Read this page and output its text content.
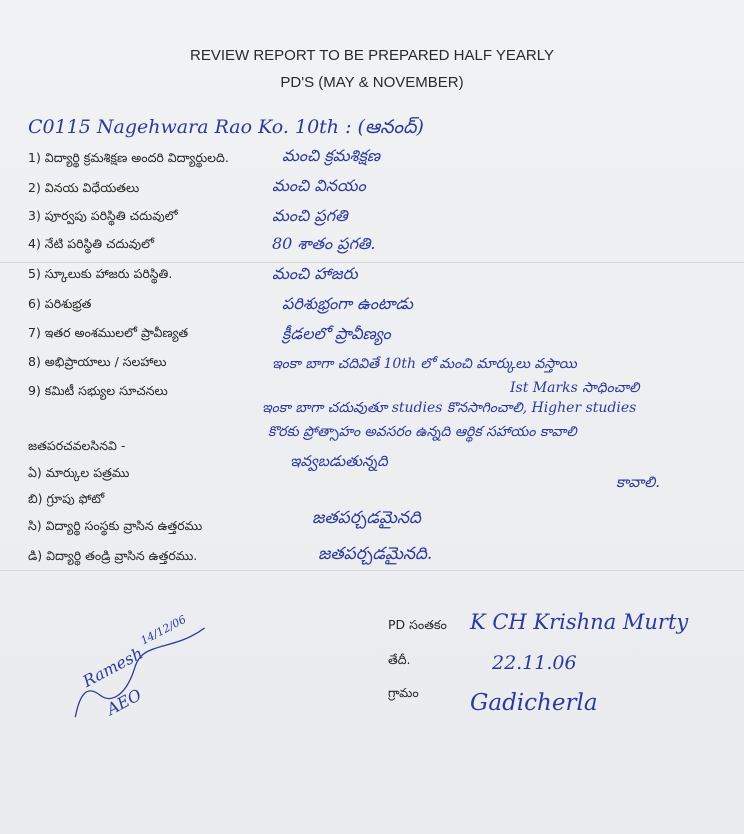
REVIEW REPORT TO BE PREPARED HALF YEARLY
PD'S (MAY & NOVEMBER)
C0115 Nagehwara Rao Ko. 10th : (ఆనంద్)
1) విద్యార్థి క్రమశిక్షణ అందరి విద్యార్థులది.	మంచి క్రమశిక్షణ
2) వినయ విధేయతలు	మంచి వినయం
3) పూర్వపు పరిస్థితి చదువులో	మంచి ప్రగతి
4) నేటి పరిస్థితి చదువులో	80 శాతం ప్రగతి.
5) స్కూలుకు హాజరు పరిస్థితి.	మంచి హాజరు
6) పరిశుభ్రత	పరిశుభ్రంగా ఉంటాడు
7) ఇతర అంశములలో ప్రావీణ్యత	క్రీడలలో ప్రావీణ్యం
8) అభిప్రాయాలు / సలహాలు	ఇంకా బాగా చదివితే 10th లో మంచి మార్కులు వస్తాయి
9) కమిటీ సభ్యుల సూచనలు	Ist Marks సాధించాలి
ఇంకా బాగా చదువుతూ studies కొనసాగించాలి, Higher studies
కొరకు ప్రోత్సాహం అవసరం ఉన్నది ఆర్థిక సహాయం కావాలి
ఇవ్వబడుతున్నది
కావాలి.
జతపరచవలసినవి -
ఏ) మార్కుల పత్రము
బి) గ్రూపు ఫోటో
సి) విద్యార్థి సంస్థకు వ్రాసిన ఉత్తరము	జతపర్చడమైనది
డి) విద్యార్థి తండ్రి వ్రాసిన ఉత్తరము.	జతపర్చడమైనది.
PD సంతకం K CH Krishna Murty
తేదీ.	22.11.06
గ్రామం Gadicherla
Ramesh
14/12/06
AEO
